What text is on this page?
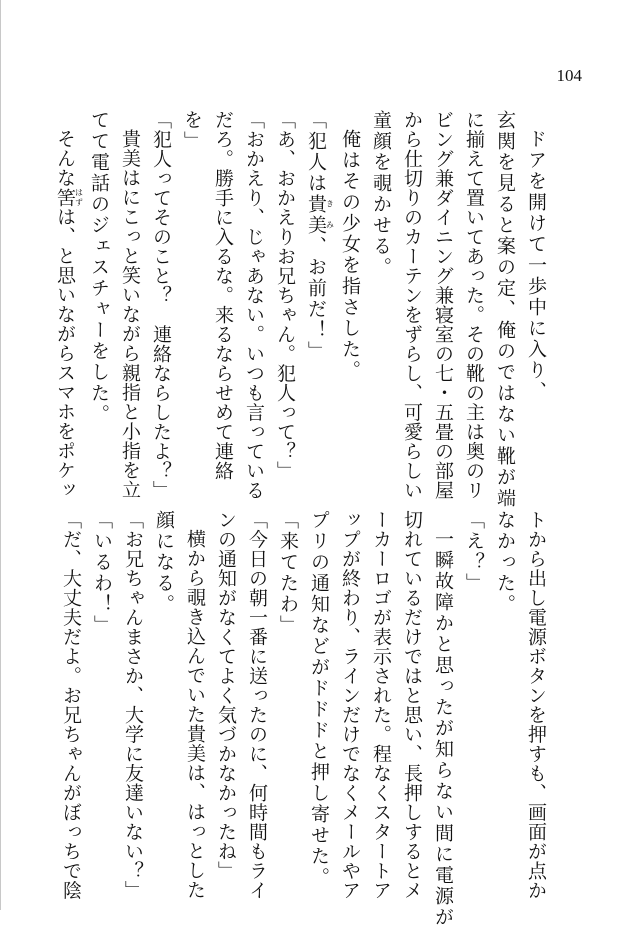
104
ドアを開けて一歩中に入り、
玄関を見ると案の定、俺のではない靴が端
に揃えて置いてあった。その靴の主は奥のリ
ビング兼ダイニング兼寝室の七・五畳の部屋
から仕切りのカーテンをずらし、可愛らしい
童顔を覗かせる。
俺はその少女を指さした。
「犯人は貴美きみ、お前だ！」
「あ、おかえりお兄ちゃん。犯人って？」
「おかえり、じゃあない。いつも言っている
だろ。勝手に入るな。来るならせめて連絡
を」
「犯人ってそのこと？　連絡ならしたよ？」
貴美はにこっと笑いながら親指と小指を立
てて電話のジェスチャーをした。
そんな筈はずは、と思いながらスマホをポケッ
トから出し電源ボタンを押すも、画面が点か
なかった。
「え？」
一瞬故障かと思ったが知らない間に電源が
切れているだけではと思い、長押しするとメ
ーカーロゴが表示された。程なくスタートア
ップが終わり、ラインだけでなくメールやア
プリの通知などがドドドと押し寄せた。
「来てたわ」
「今日の朝一番に送ったのに、何時間もライ
ンの通知がなくてよく気づかなかったね」
横から覗き込んでいた貴美は、はっとした
顔になる。
「お兄ちゃんまさか、大学に友達いない？」
「いるわ！」
「だ、大丈夫だよ。お兄ちゃんがぼっちで陰
